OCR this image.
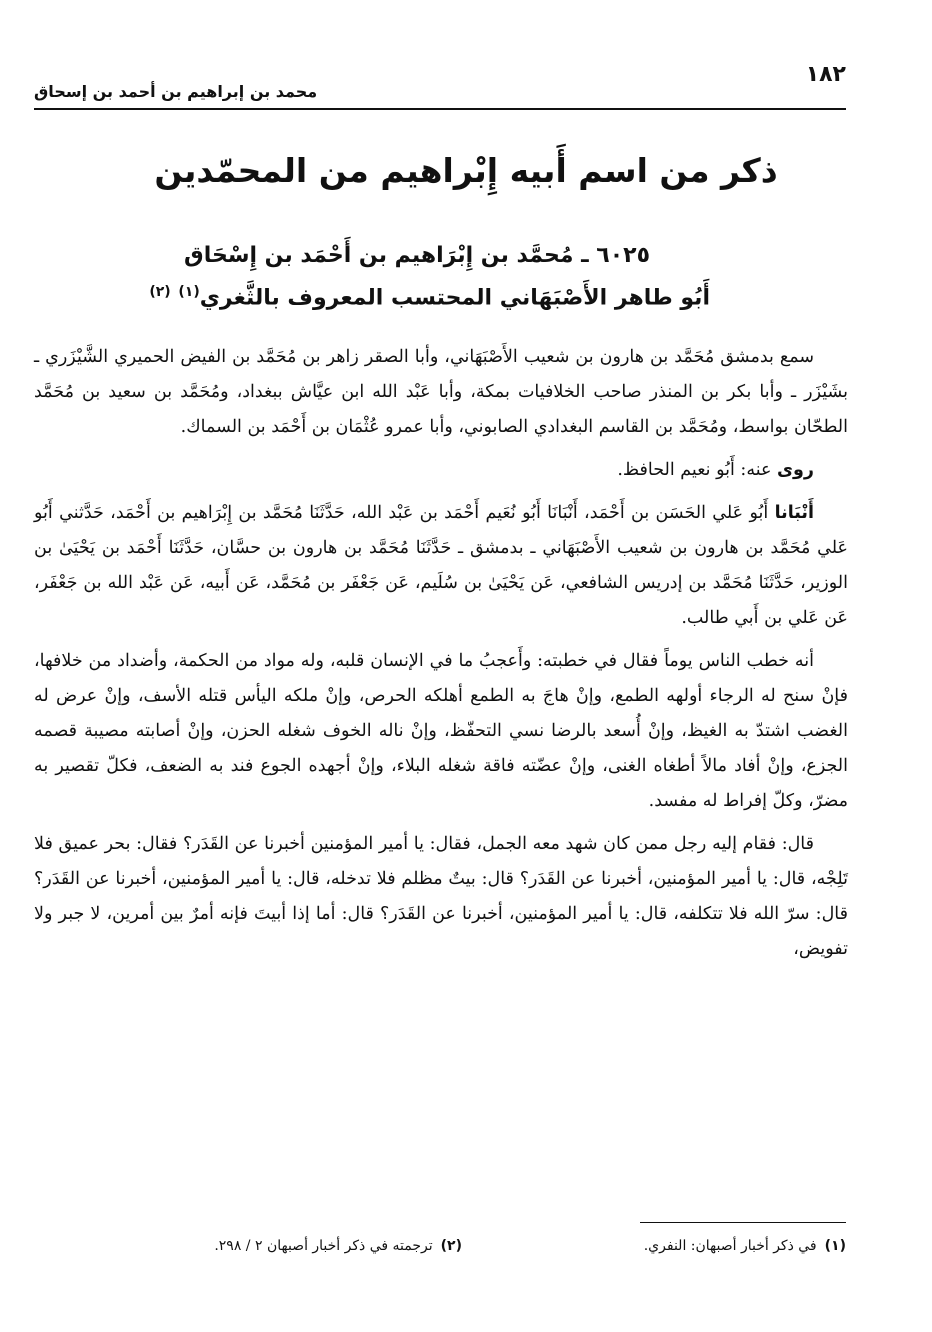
١٨٢
محمد بن إبراهيم بن أحمد بن إسحاق
ذكر من اسم أَبيه إِبْراهيم من المحمّدين
٦٠٢٥ ـ مُحمَّد بن إِبْرَاهيم بن أَحْمَد بن إِسْحَاق
أَبُو طاهر الأَصْبَهَاني المحتسب المعروف بالثَّغري$^{(١)}$ $^{(٢)}$

سمع بدمشق مُحَمَّد بن هارون بن شعيب الأَصْبَهَاني، وأبا الصقر زاهر بن مُحَمَّد بن الفيض الحميري الشَّيْزَري ـ بشَيْزَر ـ وأبا بكر بن المنذر صاحب الخلافيات بمكة، وأبا عَبْد الله ابن عيَّاش ببغداد، ومُحَمَّد بن سعيد بن مُحَمَّد الطحّان بواسط، ومُحَمَّد بن القاسم البغدادي الصابوني، وأبا عمرو عُثْمَان بن أَحْمَد بن السماك.

روى عنه: أَبُو نعيم الحافظ.

أَنْبَانا أَبُو عَلي الحَسَن بن أَحْمَد، أَنْبَانَا أَبُو نُعَيم أَحْمَد بن عَبْد الله، حَدَّثَنَا مُحَمَّد بن إِبْرَاهيم بن أَحْمَد، حَدَّثني أَبُو عَلي مُحَمَّد بن هارون بن شعيب الأَصْبَهَاني ـ بدمشق ـ حَدَّثَنَا مُحَمَّد بن هارون بن حسَّان، حَدَّثَنَا أَحْمَد بن يَحْيَىٰ بن الوزير، حَدَّثَنَا مُحَمَّد بن إدريس الشافعي، عَن يَحْيَىٰ بن سُلَيم، عَن جَعْفَر بن مُحَمَّد، عَن أَبيه، عَن عَبْد الله بن جَعْفَر، عَن عَلي بن أَبي طالب.

أنه خطب الناس يوماً فقال في خطبته: وأَعجبُ ما في الإنسان قلبه، وله مواد من الحكمة، وأضداد من خلافها، فإنْ سنح له الرجاء أولهه الطمع، وإنْ هاجَ به الطمع أهلكه الحرص، وإنْ ملكه اليأس قتله الأسف، وإنْ عرض له الغضب اشتدّ به الغيظ، وإنْ أُسعد بالرضا نسي التحفّظ، وإنْ ناله الخوف شغله الحزن، وإنْ أصابته مصيبة قصمه الجزع، وإنْ أفاد مالاً أطغاه الغنى، وإنْ عضّته فاقة شغله البلاء، وإنْ أجهده الجوع فند به الضعف، فكلّ تقصير به مضرّ، وكلّ إفراط له مفسد.

قال: فقام إليه رجل ممن كان شهد معه الجمل، فقال: يا أمير المؤمنين أخبرنا عن القَدَر؟ فقال: بحر عميق فلا تَلِجْه، قال: يا أمير المؤمنين، أخبرنا عن القَدَر؟ قال: بيتٌ مظلم فلا تدخله، قال: يا أمير المؤمنين، أخبرنا عن القَدَر؟ قال: سرّ الله فلا تتكلفه، قال: يا أمير المؤمنين، أخبرنا عن القَدَر؟ قال: أما إذا أبيتَ فإنه أمرٌ بين أمرين، لا جبر ولا تفويض،

(١)في ذكر أخبار أصبهان: النفري.
(٢)ترجمته في ذكر أخبار أصبهان ٢ / ٢٩٨.
